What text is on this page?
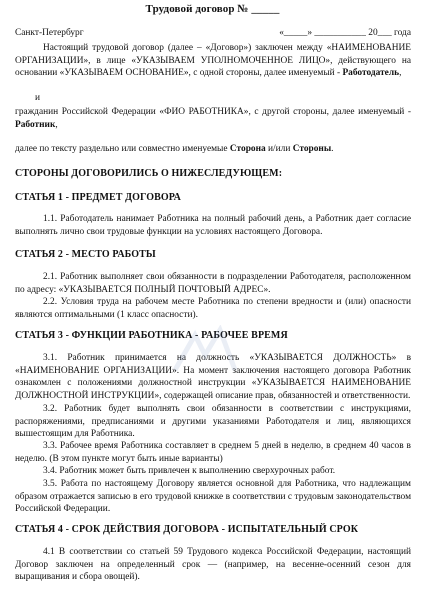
Трудовой договор № _____
Санкт-Петербург	«_____» ___________ 20___ года

Настоящий трудовой договор (далее – «Договор») заключен между «НАИМЕНОВАНИЕ ОРГАНИЗАЦИИ», в лице «УКАЗЫВАЕМ УПОЛНОМОЧЕННОЕ ЛИЦО», действующего на основании «УКАЗЫВАЕМ ОСНОВАНИЕ», с одной стороны, далее именуемый - Работодатель,

и

гражданин Российской Федерации «ФИО РАБОТНИКА», с другой стороны, далее именуемый - Работник,

далее по тексту раздельно или совместно именуемые Сторона и/или Стороны.

СТОРОНЫ ДОГОВОРИЛИСЬ О НИЖЕСЛЕДУЮЩЕМ:
СТАТЬЯ 1 - ПРЕДМЕТ ДОГОВОРА

1.1. Работодатель нанимает Работника на полный рабочий день, а Работник дает согласие выполнять лично свои трудовые функции на условиях настоящего Договора.

СТАТЬЯ 2 - МЕСТО РАБОТЫ

2.1. Работник выполняет свои обязанности в подразделении Работодателя, расположенном по адресу: «УКАЗЫВАЕТСЯ ПОЛНЫЙ ПОЧТОВЫЙ АДРЕС».

2.2. Условия труда на рабочем месте Работника по степени вредности и (или) опасности являются оптимальными (1 класс опасности).

СТАТЬЯ 3 - ФУНКЦИИ РАБОТНИКА - РАБОЧЕЕ ВРЕМЯ

3.1. Работник принимается на должность «УКАЗЫВАЕТСЯ ДОЛЖНОСТЬ» в «НАИМЕНОВАНИЕ ОРГАНИЗАЦИИ». На момент заключения настоящего договора Работник ознакомлен с положениями должностной инструкции «УКАЗЫВАЕТСЯ НАИМЕНОВАНИЕ ДОЛЖНОСТНОЙ ИНСТРУКЦИИ», содержащей описание прав, обязанностей и ответственности.

3.2. Работник будет выполнять свои обязанности в соответствии с инструкциями, распоряжениями, предписаниями и другими указаниями Работодателя и лиц, являющихся вышестоящим для Работника.

3.3. Рабочее время Работника составляет в среднем 5 дней в неделю, в среднем 40 часов в неделю. (В этом пункте могут быть иные варианты)

3.4. Работник может быть привлечен к выполнению сверхурочных работ.

3.5. Работа по настоящему Договору является основной для Работника, что надлежащим образом отражается записью в его трудовой книжке в соответствии с трудовым законодательством Российской Федерации.

СТАТЬЯ 4 - СРОК ДЕЙСТВИЯ ДОГОВОРА - ИСПЫТАТЕЛЬНЫЙ СРОК

4.1 В соответствии со статьей 59 Трудового кодекса Российской Федерации, настоящий Договор заключен на определенный срок — (например, на весенне-осенний сезон для выращивания и сбора овощей).
